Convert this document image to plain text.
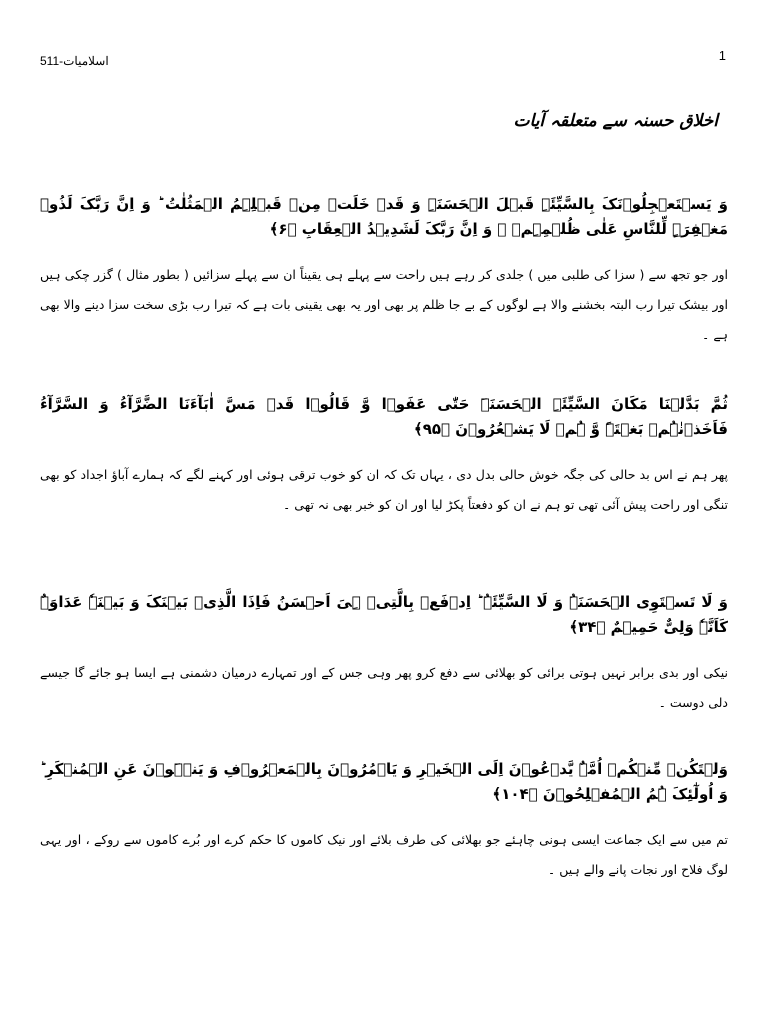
1
اسلامیات-511
اخلاق حسنہ سے متعلقہ آیات
وَ یَسۡتَعۡجِلُوۡنَکَ بِالسَّیِّئَۃِ قَبۡلَ الۡحَسَنَۃِ وَ قَدۡ خَلَتۡ مِنۡ قَبۡلِہِمُ الۡمَثُلٰتُ ؕ وَ اِنَّ رَبَّکَ لَذُوۡ مَغۡفِرَۃٍ لِّلنَّاسِ عَلٰی ظُلۡمِہِمۡ ۚ وَ اِنَّ رَبَّکَ لَشَدِیۡدُ الۡعِقَابِ ﴿۶﴾
اور جو تجھ سے ( سزا کی طلبی میں ) جلدی کر رہے ہیں راحت سے پہلے ہی یقیناً ان سے پہلے سزائیں ( بطور مثال ) گزر چکی ہیں اور بیشک تیرا رب البتہ بخشنے والا ہے لوگوں کے بے جا ظلم پر بھی اور یہ بھی یقینی بات ہے کہ تیرا رب بڑی سخت سزا دینے والا بھی ہے ۔
ثُمَّ بَدَّلۡنَا مَکَانَ السَّیِّئَۃِ الۡحَسَنَۃَ حَتّٰی عَفَوۡا وَّ قَالُوۡا قَدۡ مَسَّ اٰبَآءَنَا الضَّرَّآءُ وَ السَّرَّآءُ فَاَخَذۡنٰہُمۡ بَغۡتَۃً وَّ ہُمۡ لَا یَشۡعُرُوۡنَ ﴿۹۵﴾
پھر ہم نے اس بد حالی کی جگہ خوش حالی بدل دی ، یہاں تک کہ ان کو خوب ترقی ہوئی اور کہنے لگے کہ ہمارے آباؤ اجداد کو بھی تنگی اور راحت پیش آئی تھی تو ہم نے ان کو دفعتاً پکڑ لیا اور ان کو خبر بھی نہ تھی ۔
وَ لَا تَسۡتَوِی الۡحَسَنَۃُ وَ لَا السَّیِّئَۃُ ؕ اِدۡفَعۡ بِالَّتِیۡ ہِیَ اَحۡسَنُ فَاِذَا الَّذِیۡ بَیۡنَکَ وَ بَیۡنَہٗ عَدَاوَۃٌ کَاَنَّہٗ وَلِیٌّ حَمِیۡمٌ ﴿۳۴﴾
نیکی اور بدی برابر نہیں ہوتی برائی کو بھلائی سے دفع کرو پھر وہی جس کے اور تمہارے درمیان دشمنی ہے ایسا ہو جائے گا جیسے دلی دوست ۔
وَلۡتَکُنۡ مِّنۡکُمۡ اُمَّۃٌ یَّدۡعُوۡنَ اِلَی الۡخَیۡرِ وَ یَاۡمُرُوۡنَ بِالۡمَعۡرُوۡفِ وَ یَنۡہَوۡنَ عَنِ الۡمُنۡکَرِ ؕ وَ اُولٰٓئِکَ ہُمُ الۡمُفۡلِحُوۡنَ ﴿۱۰۴﴾
تم میں سے ایک جماعت ایسی ہونی چاہئے جو بھلائی کی طرف بلائے اور نیک کاموں کا حکم کرے اور بُرے کاموں سے روکے ، اور یہی لوگ فلاح اور نجات پانے والے ہیں ۔
